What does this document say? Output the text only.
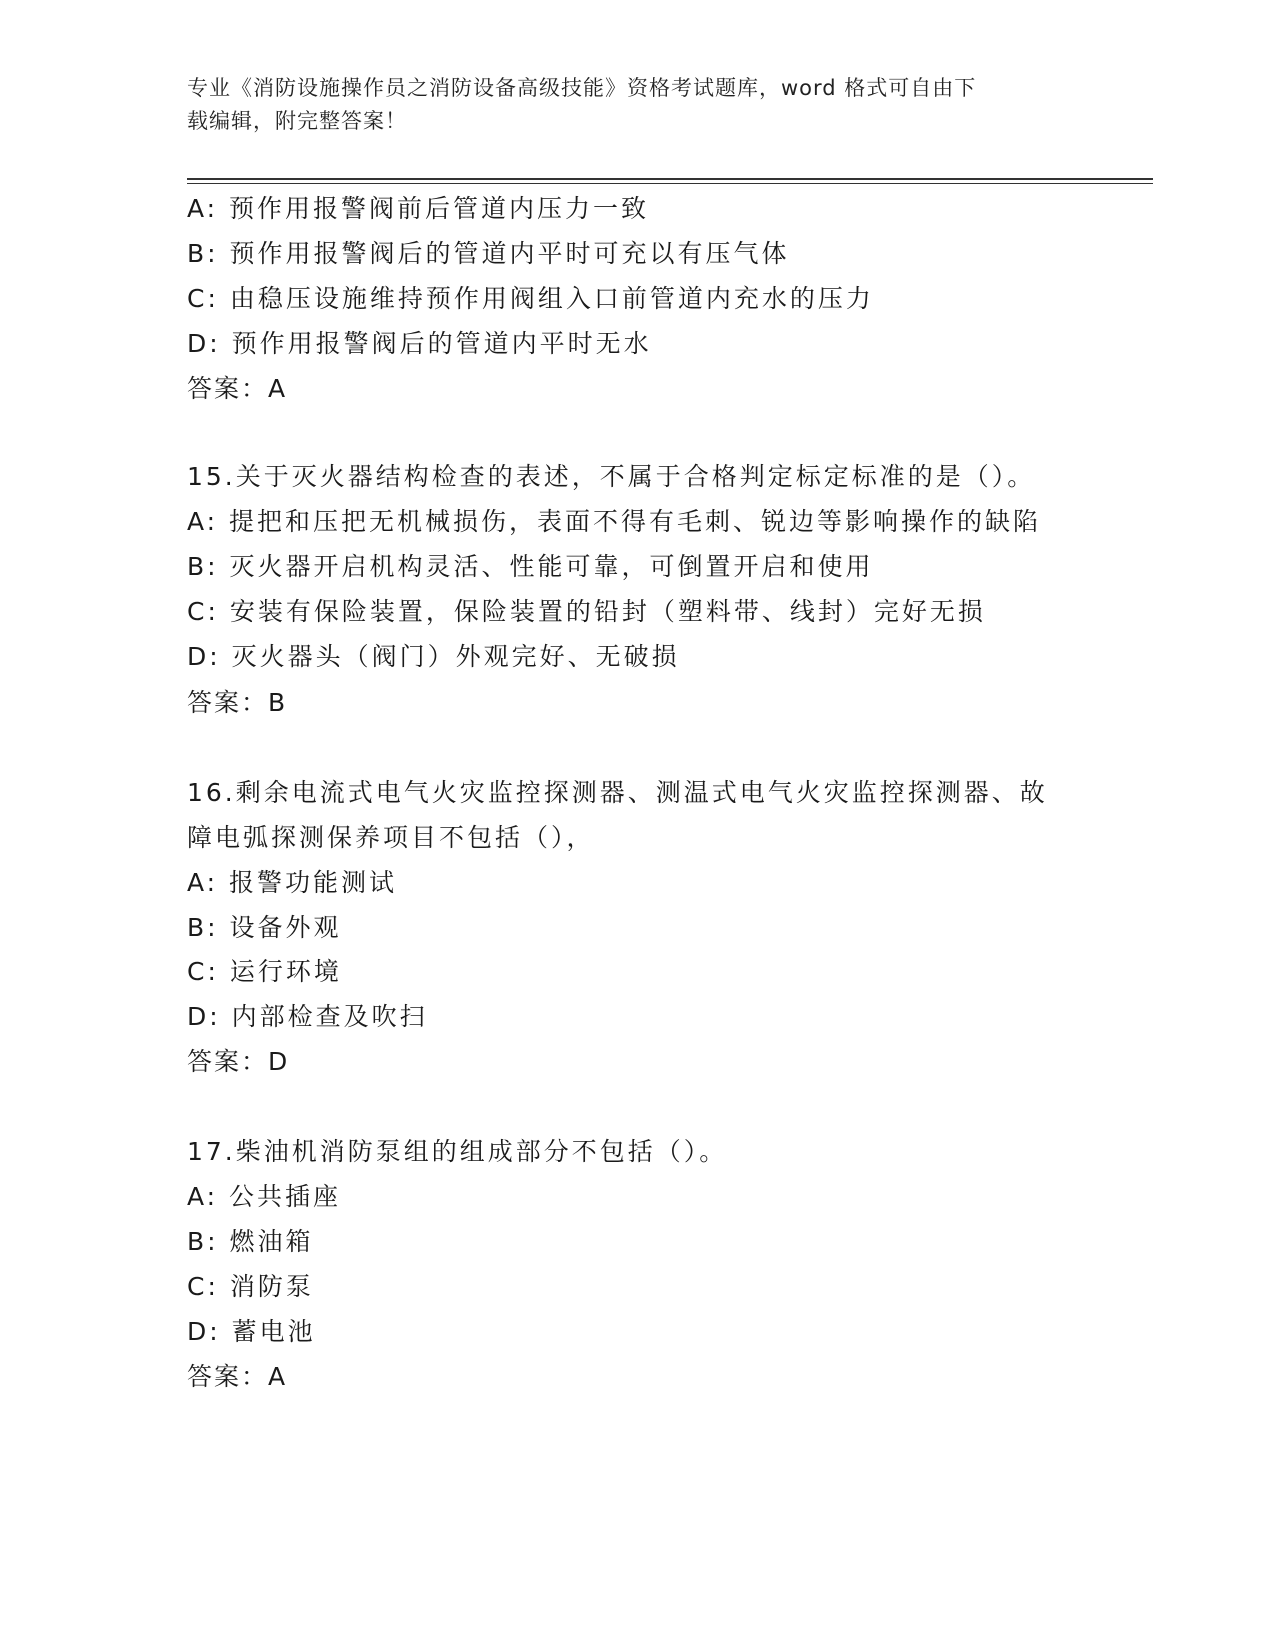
专业《消防设施操作员之消防设备高级技能》资格考试题库，word 格式可自由下
载编辑，附完整答案！
A: 预作用报警阀前后管道内压力一致
B: 预作用报警阀后的管道内平时可充以有压气体
C: 由稳压设施维持预作用阀组入口前管道内充水的压力
D: 预作用报警阀后的管道内平时无水
答案：A
15.关于灭火器结构检查的表述，不属于合格判定标定标准的是（）。
A: 提把和压把无机械损伤，表面不得有毛刺、锐边等影响操作的缺陷
B: 灭火器开启机构灵活、性能可靠，可倒置开启和使用
C: 安装有保险装置，保险装置的铅封（塑料带、线封）完好无损
D: 灭火器头（阀门）外观完好、无破损
答案：B
16.剩余电流式电气火灾监控探测器、测温式电气火灾监控探测器、故
障电弧探测保养项目不包括（），
A: 报警功能测试
B: 设备外观
C: 运行环境
D: 内部检查及吹扫
答案：D
17.柴油机消防泵组的组成部分不包括（）。
A: 公共插座
B: 燃油箱
C: 消防泵
D: 蓄电池
答案：A
